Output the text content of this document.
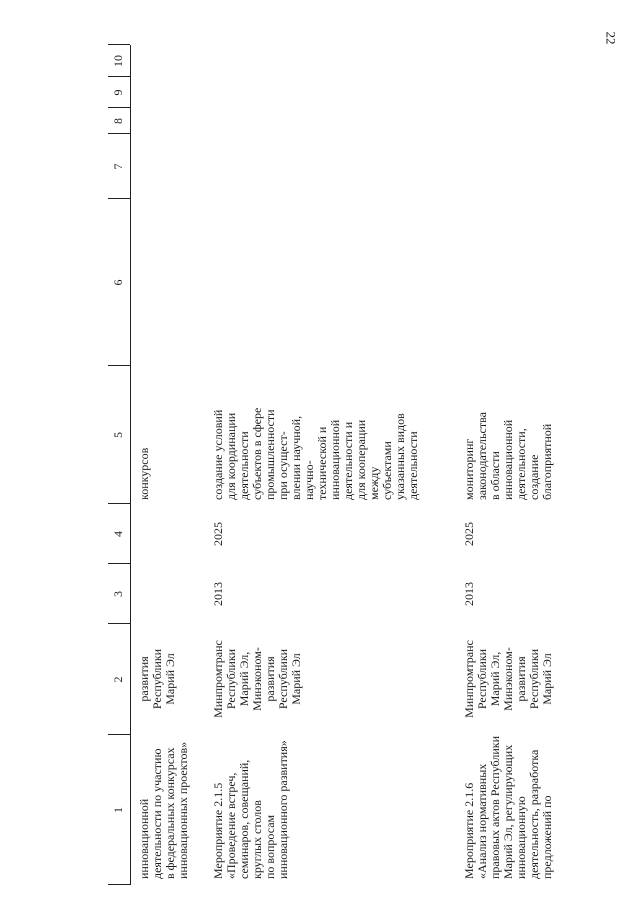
22
1
2
3
4
5
6
7
8
9
10
инновационной
деятельности по участию
в федеральных конкурсах
инновационных проектов»
развития
Республики
Марий Эл
конкурсов
Мероприятие 2.1.5
«Проведение встреч,
семинаров, совещаний,
круглых столов
по вопросам
инновационного развития»
Минпромтранс
Республики
Марий Эл,
Минэконом-
развития
Республики
Марий Эл
2013
2025
создание условий
для координации
деятельности
субъектов в сфере
промышленности
при осущест-
влении научной,
научно-
технической и
инновационной
деятельности и
для кооперации
между
субъектами
указанных видов
деятельности
Мероприятие 2.1.6
«Анализ нормативных
правовых актов Республики
Марий Эл, регулирующих
инновационную
деятельность, разработка
предложений по
Минпромтранс
Республики
Марий Эл,
Минэконом-
развития
Республики
Марий Эл
2013
2025
мониторинг
законодательства
в области
инновационной
деятельности,
создание
благоприятной
